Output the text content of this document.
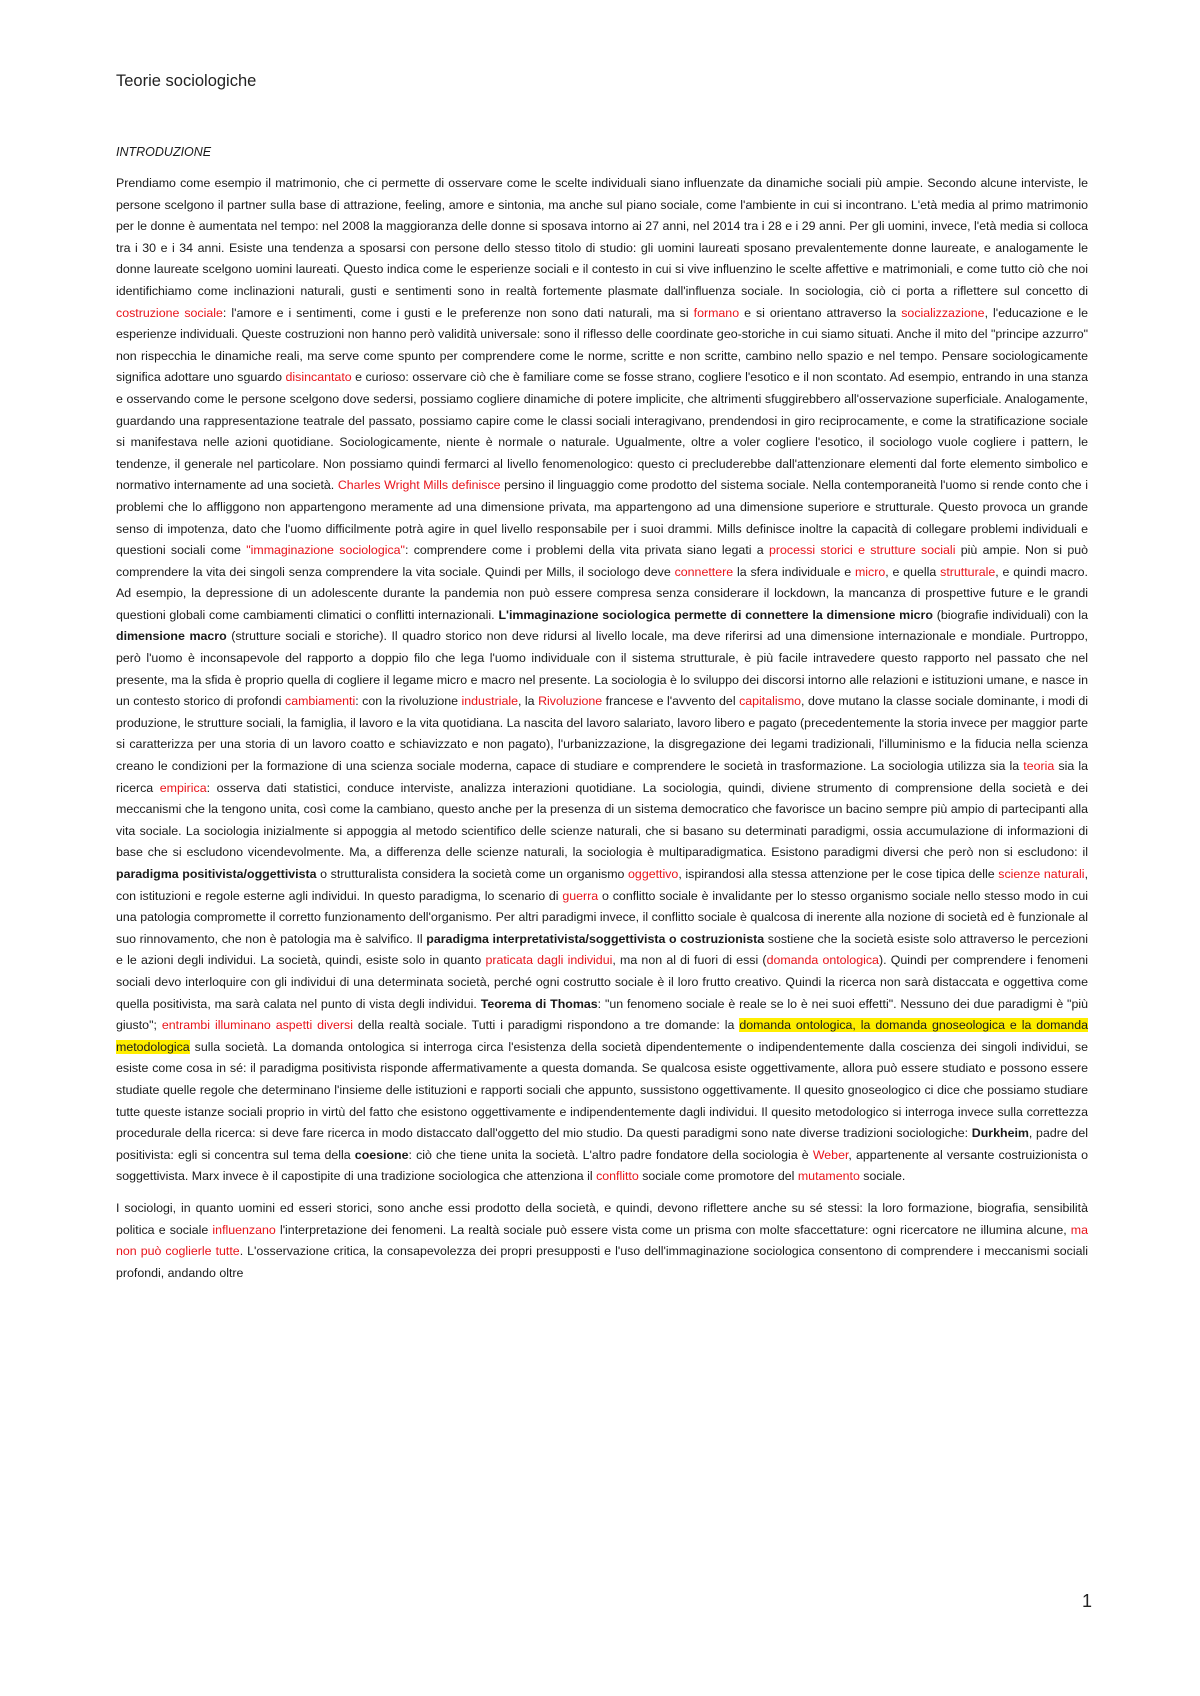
Teorie sociologiche
INTRODUZIONE

Prendiamo come esempio il matrimonio, che ci permette di osservare come le scelte individuali siano influenzate da dinamiche sociali più ampie. Secondo alcune interviste, le persone scelgono il partner sulla base di attrazione, feeling, amore e sintonia, ma anche sul piano sociale, come l'ambiente in cui si incontrano. L'età media al primo matrimonio per le donne è aumentata nel tempo: nel 2008 la maggioranza delle donne si sposava intorno ai 27 anni, nel 2014 tra i 28 e i 29 anni. Per gli uomini, invece, l'età media si colloca tra i 30 e i 34 anni. Esiste una tendenza a sposarsi con persone dello stesso titolo di studio: gli uomini laureati sposano prevalentemente donne laureate, e analogamente le donne laureate scelgono uomini laureati. Questo indica come le esperienze sociali e il contesto in cui si vive influenzino le scelte affettive e matrimoniali, e come tutto ciò che noi identifichiamo come inclinazioni naturali, gusti e sentimenti sono in realtà fortemente plasmate dall'influenza sociale. In sociologia, ciò ci porta a riflettere sul concetto di costruzione sociale: l'amore e i sentimenti, come i gusti e le preferenze non sono dati naturali, ma si formano e si orientano attraverso la socializzazione, l'educazione e le esperienze individuali. Queste costruzioni non hanno però validità universale: sono il riflesso delle coordinate geo-storiche in cui siamo situati. Anche il mito del "principe azzurro" non rispecchia le dinamiche reali, ma serve come spunto per comprendere come le norme, scritte e non scritte, cambino nello spazio e nel tempo. Pensare sociologicamente significa adottare uno sguardo disincantato e curioso: osservare ciò che è familiare come se fosse strano, cogliere l'esotico e il non scontato. Ad esempio, entrando in una stanza e osservando come le persone scelgono dove sedersi, possiamo cogliere dinamiche di potere implicite, che altrimenti sfuggirebbero all'osservazione superficiale. Analogamente, guardando una rappresentazione teatrale del passato, possiamo capire come le classi sociali interagivano, prendendosi in giro reciprocamente, e come la stratificazione sociale si manifestava nelle azioni quotidiane. Sociologicamente, niente è normale o naturale. Ugualmente, oltre a voler cogliere l'esotico, il sociologo vuole cogliere i pattern, le tendenze, il generale nel particolare. Non possiamo quindi fermarci al livello fenomenologico: questo ci precluderebbe dall'attenzionare elementi dal forte elemento simbolico e normativo internamente ad una società. Charles Wright Mills definisce persino il linguaggio come prodotto del sistema sociale. Nella contemporaneità l'uomo si rende conto che i problemi che lo affliggono non appartengono meramente ad una dimensione privata, ma appartengono ad una dimensione superiore e strutturale. Questo provoca un grande senso di impotenza, dato che l'uomo difficilmente potrà agire in quel livello responsabile per i suoi drammi. Mills definisce inoltre la capacità di collegare problemi individuali e questioni sociali come "immaginazione sociologica": comprendere come i problemi della vita privata siano legati a processi storici e strutture sociali più ampie. Non si può comprendere la vita dei singoli senza comprendere la vita sociale. Quindi per Mills, il sociologo deve connettere la sfera individuale e micro, e quella strutturale, e quindi macro. Ad esempio, la depressione di un adolescente durante la pandemia non può essere compresa senza considerare il lockdown, la mancanza di prospettive future e le grandi questioni globali come cambiamenti climatici o conflitti internazionali. L'immaginazione sociologica permette di connettere la dimensione micro (biografie individuali) con la dimensione macro (strutture sociali e storiche). Il quadro storico non deve ridursi al livello locale, ma deve riferirsi ad una dimensione internazionale e mondiale. Purtroppo, però l'uomo è inconsapevole del rapporto a doppio filo che lega l'uomo individuale con il sistema strutturale, è più facile intravedere questo rapporto nel passato che nel presente, ma la sfida è proprio quella di cogliere il legame micro e macro nel presente. La sociologia è lo sviluppo dei discorsi intorno alle relazioni e istituzioni umane, e nasce in un contesto storico di profondi cambiamenti: con la rivoluzione industriale, la Rivoluzione francese e l'avvento del capitalismo, dove mutano la classe sociale dominante, i modi di produzione, le strutture sociali, la famiglia, il lavoro e la vita quotidiana. La nascita del lavoro salariato, lavoro libero e pagato (precedentemente la storia invece per maggior parte si caratterizza per una storia di un lavoro coatto e schiavizzato e non pagato), l'urbanizzazione, la disgregazione dei legami tradizionali, l'illuminismo e la fiducia nella scienza creano le condizioni per la formazione di una scienza sociale moderna, capace di studiare e comprendere le società in trasformazione. La sociologia utilizza sia la teoria sia la ricerca empirica: osserva dati statistici, conduce interviste, analizza interazioni quotidiane. La sociologia, quindi, diviene strumento di comprensione della società e dei meccanismi che la tengono unita, così come la cambiano, questo anche per la presenza di un sistema democratico che favorisce un bacino sempre più ampio di partecipanti alla vita sociale. La sociologia inizialmente si appoggia al metodo scientifico delle scienze naturali, che si basano su determinati paradigmi, ossia accumulazione di informazioni di base che si escludono vicendevolmente. Ma, a differenza delle scienze naturali, la sociologia è multiparadigmatica. Esistono paradigmi diversi che però non si escludono: il paradigma positivista/oggettivista o strutturalista considera la società come un organismo oggettivo, ispirandosi alla stessa attenzione per le cose tipica delle scienze naturali, con istituzioni e regole esterne agli individui. In questo paradigma, lo scenario di guerra o conflitto sociale è invalidante per lo stesso organismo sociale nello stesso modo in cui una patologia compromette il corretto funzionamento dell'organismo. Per altri paradigmi invece, il conflitto sociale è qualcosa di inerente alla nozione di società ed è funzionale al suo rinnovamento, che non è patologia ma è salvifico. Il paradigma interpretativista/soggettivista o costruzionista sostiene che la società esiste solo attraverso le percezioni e le azioni degli individui. La società, quindi, esiste solo in quanto praticata dagli individui, ma non al di fuori di essi (domanda ontologica). Quindi per comprendere i fenomeni sociali devo interloquire con gli individui di una determinata società, perché ogni costrutto sociale è il loro frutto creativo. Quindi la ricerca non sarà distaccata e oggettiva come quella positivista, ma sarà calata nel punto di vista degli individui. Teorema di Thomas: "un fenomeno sociale è reale se lo è nei suoi effetti". Nessuno dei due paradigmi è "più giusto"; entrambi illuminano aspetti diversi della realtà sociale. Tutti i paradigmi rispondono a tre domande: la domanda ontologica, la domanda gnoseologica e la domanda metodologica sulla società. La domanda ontologica si interroga circa l'esistenza della società dipendentemente o indipendentemente dalla coscienza dei singoli individui, se esiste come cosa in sé: il paradigma positivista risponde affermativamente a questa domanda. Se qualcosa esiste oggettivamente, allora può essere studiato e possono essere studiate quelle regole che determinano l'insieme delle istituzioni e rapporti sociali che appunto, sussistono oggettivamente. Il quesito gnoseologico ci dice che possiamo studiare tutte queste istanze sociali proprio in virtù del fatto che esistono oggettivamente e indipendentemente dagli individui. Il quesito metodologico si interroga invece sulla correttezza procedurale della ricerca: si deve fare ricerca in modo distaccato dall'oggetto del mio studio. Da questi paradigmi sono nate diverse tradizioni sociologiche: Durkheim, padre del positivista: egli si concentra sul tema della coesione: ciò che tiene unita la società. L'altro padre fondatore della sociologia è Weber, appartenente al versante costruizionista o soggettivista. Marx invece è il capostipite di una tradizione sociologica che attenziona il conflitto sociale come promotore del mutamento sociale.

I sociologi, in quanto uomini ed esseri storici, sono anche essi prodotto della società, e quindi, devono riflettere anche su sé stessi: la loro formazione, biografia, sensibilità politica e sociale influenzano l'interpretazione dei fenomeni. La realtà sociale può essere vista come un prisma con molte sfaccettature: ogni ricercatore ne illumina alcune, ma non può coglierle tutte. L'osservazione critica, la consapevolezza dei propri presupposti e l'uso dell'immaginazione sociologica consentono di comprendere i meccanismi sociali profondi, andando oltre

1
